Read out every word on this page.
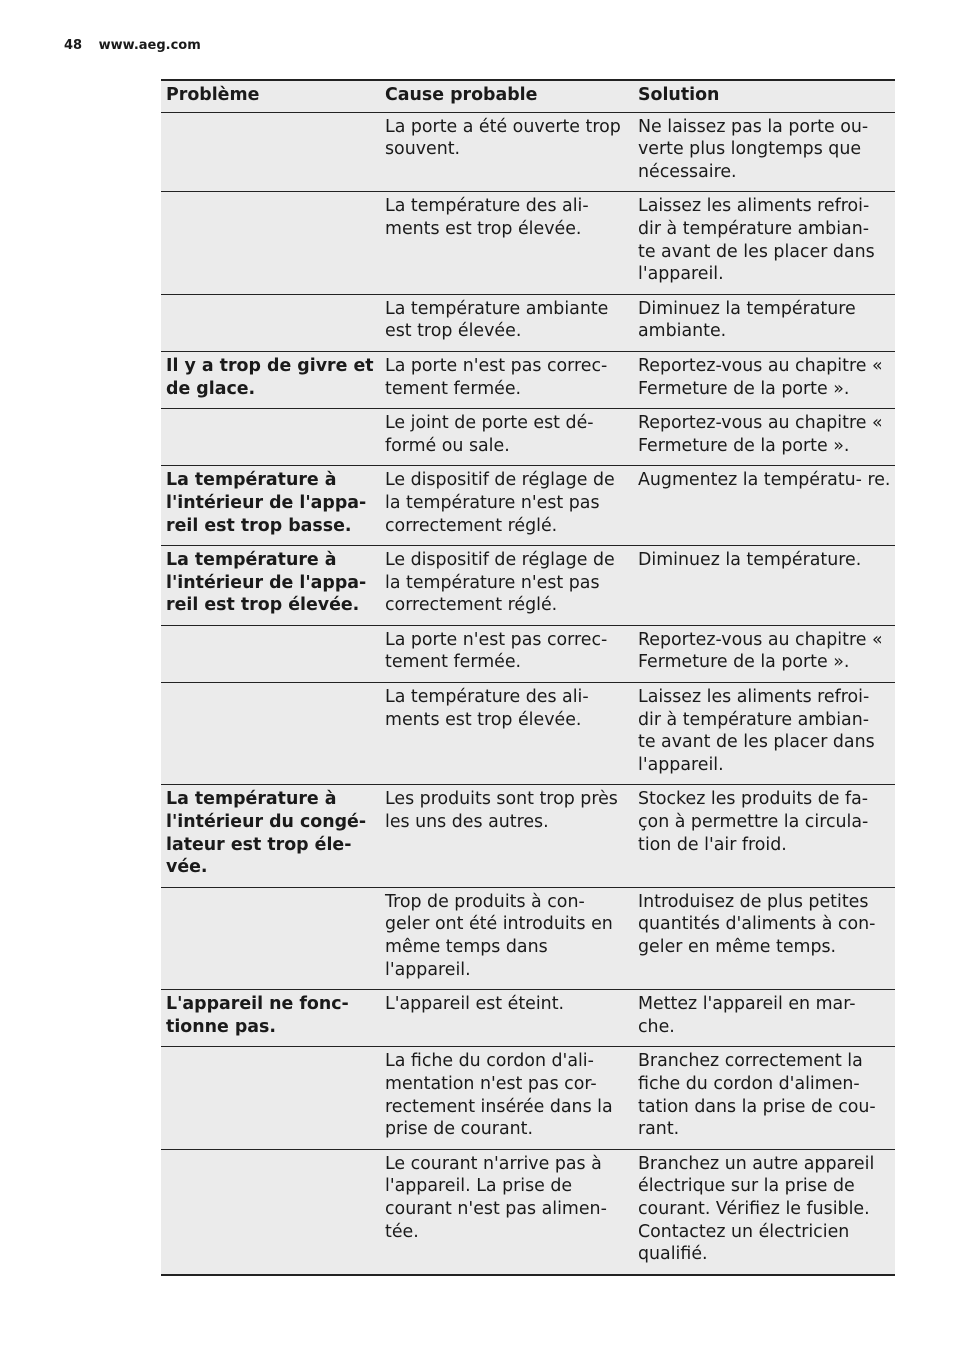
48 www.aeg.com
Problème	Cause probable	Solution

	La porte a été ouverte trop souvent.	Ne laissez pas la porte ou- verte plus longtemps que nécessaire.

	La température des ali- ments est trop élevée.	Laissez les aliments refroi- dir à température ambian- te avant de les placer dans l'appareil.

	La température ambiante est trop élevée.	Diminuez la température ambiante.

Il y a trop de givre et de glace.	La porte n'est pas correc- tement fermée.	Reportez-vous au chapitre « Fermeture de la porte ».

	Le joint de porte est dé- formé ou sale.	Reportez-vous au chapitre « Fermeture de la porte ».

La température à l'intérieur de l'appa- reil est trop basse.	Le dispositif de réglage de la température n'est pas correctement réglé.	Augmentez la températu- re.

La température à l'intérieur de l'appa- reil est trop élevée.	Le dispositif de réglage de la température n'est pas correctement réglé.	Diminuez la température.

	La porte n'est pas correc- tement fermée.	Reportez-vous au chapitre « Fermeture de la porte ».

	La température des ali- ments est trop élevée.	Laissez les aliments refroi- dir à température ambian- te avant de les placer dans l'appareil.

La température à l'intérieur du congé- lateur est trop éle- vée.	Les produits sont trop près les uns des autres.	Stockez les produits de fa- çon à permettre la circula- tion de l'air froid.

	Trop de produits à con- geler ont été introduits en même temps dans l'appareil.	Introduisez de plus petites quantités d'aliments à con- geler en même temps.

L'appareil ne fonc- tionne pas.	L'appareil est éteint.	Mettez l'appareil en mar- che.

	La fiche du cordon d'ali- mentation n'est pas cor- rectement insérée dans la prise de courant.	Branchez correctement la fiche du cordon d'alimen- tation dans la prise de cou- rant.

	Le courant n'arrive pas à l'appareil. La prise de courant n'est pas alimen- tée.	Branchez un autre appareil électrique sur la prise de courant. Vérifiez le fusible. Contactez un électricien qualifié.
